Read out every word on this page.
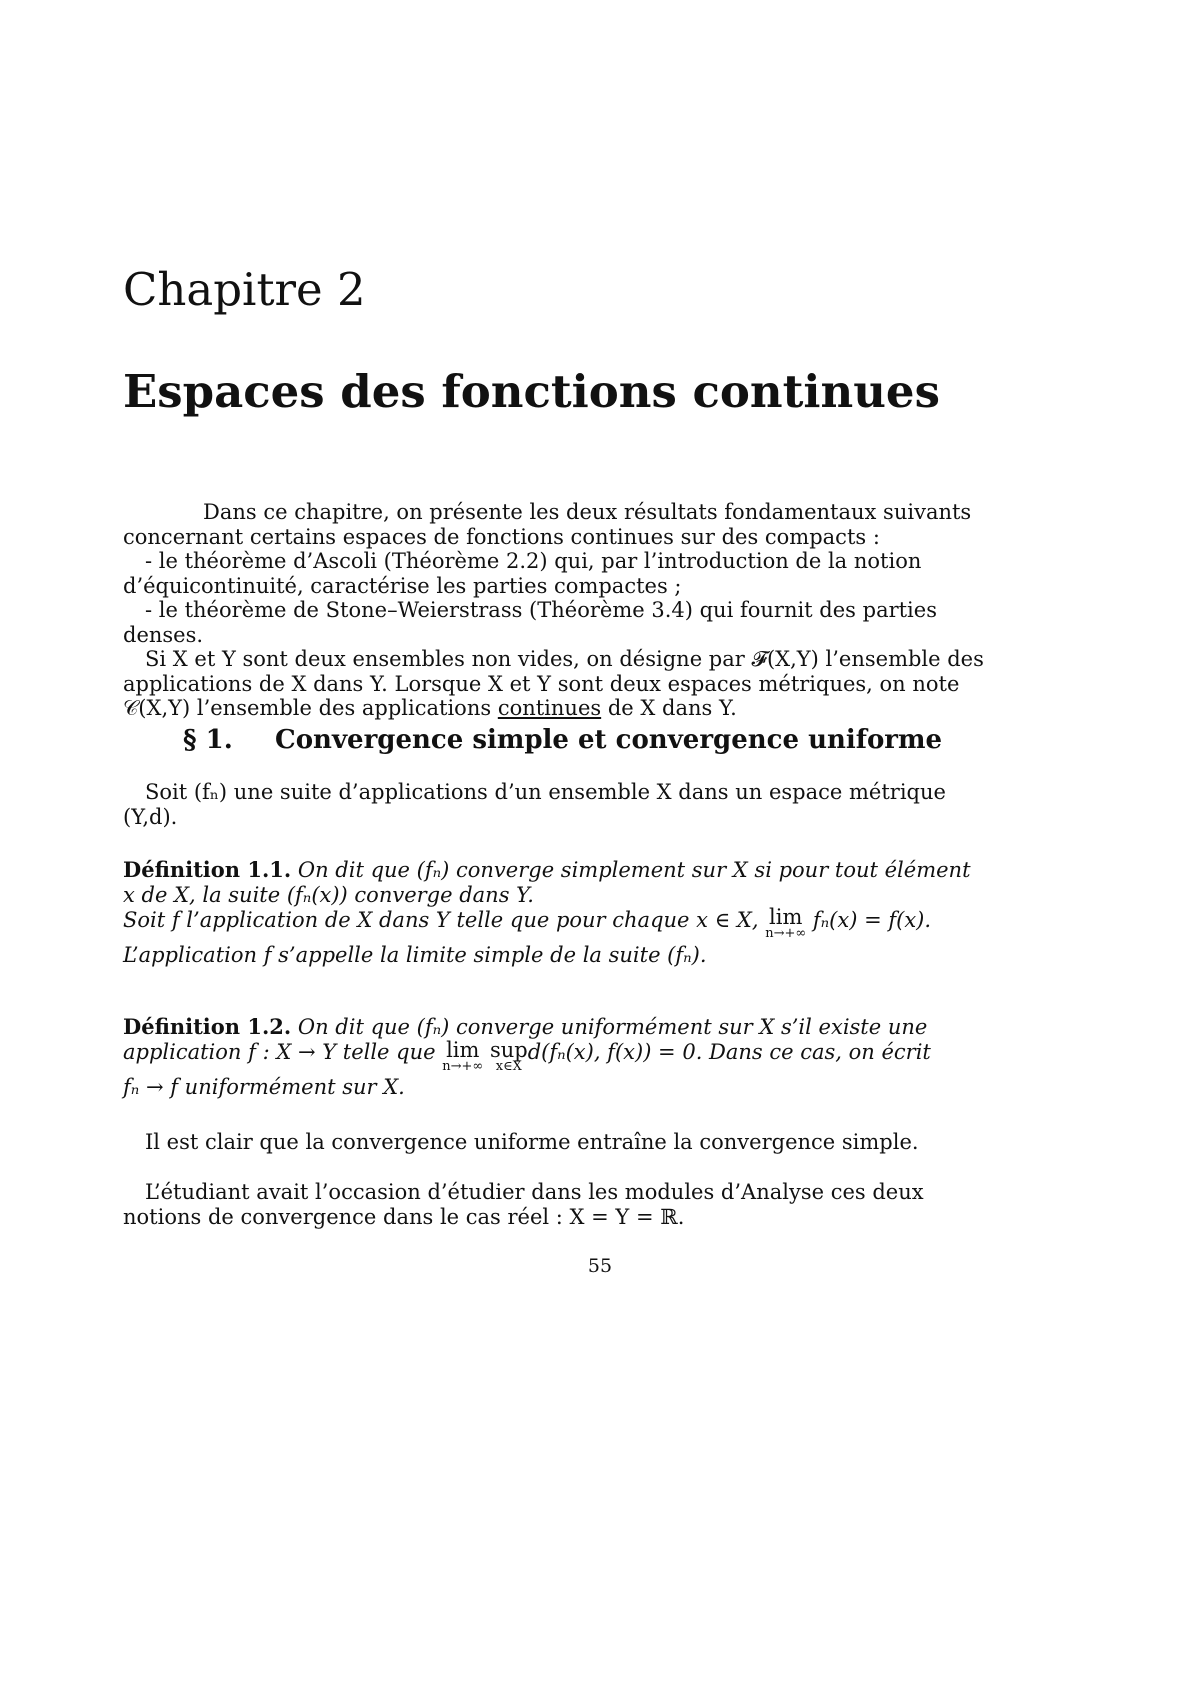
Chapitre 2
Espaces des fonctions continues

Dans ce chapitre, on présente les deux résultats fondamentaux suivants concernant certains espaces de fonctions continues sur des compacts :

- le théorème d’Ascoli (Théorème 2.2) qui, par l’introduction de la notion d’équicontinuité, caractérise les parties compactes ;

- le théorème de Stone–Weierstrass (Théorème 3.4) qui fournit des parties denses.

Si X et Y sont deux ensembles non vides, on désigne par 𝓕(X,Y) l’ensemble des applications de X dans Y. Lorsque X et Y sont deux espaces métriques, on note

𝒞(X,Y) l’ensemble des applications continues de X dans Y.

§ 1. Convergence simple et convergence uniforme

Soit (fₙ) une suite d’applications d’un ensemble X dans un espace métrique (Y,d).

Définition 1.1. On dit que (fₙ) converge simplement sur X si pour tout élément x de X, la suite (fₙ(x)) converge dans Y.

Soit f l’application de X dans Y telle que pour chaque x ∈ X, lim
n→+∞
fₙ(x) = f(x).

L’application f s’appelle la limite simple de la suite (fₙ).

Définition 1.2. On dit que (fₙ) converge uniformément sur X s’il existe une

application f : X → Y telle que lim
n→+∞
sup
x∈X
d(fₙ(x), f(x)) = 0. Dans ce cas, on écrit

fₙ → f uniformément sur X.

Il est clair que la convergence uniforme entraîne la convergence simple.

L’étudiant avait l’occasion d’étudier dans les modules d’Analyse ces deux notions de convergence dans le cas réel : X = Y = ℝ.

55
